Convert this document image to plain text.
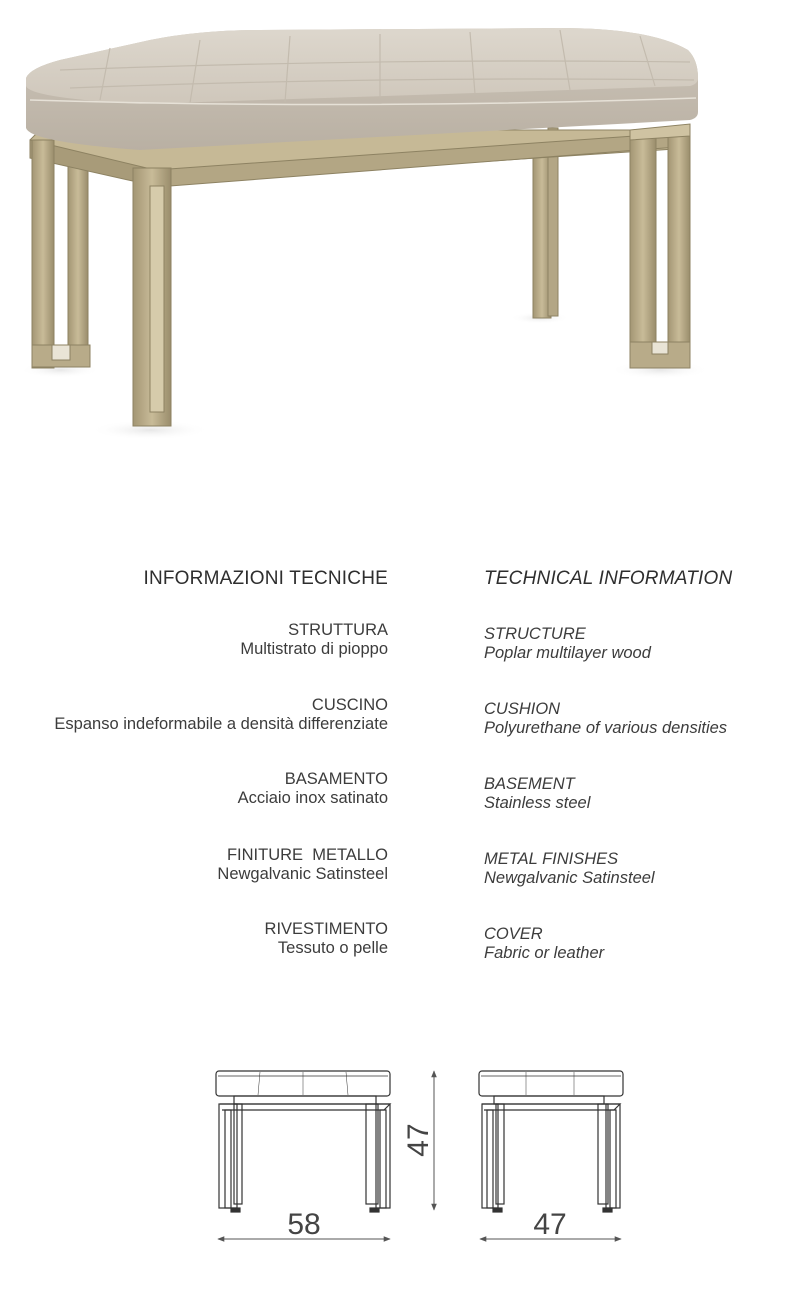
INFORMAZIONI TECNICHE	TECHNICAL INFORMATION
STRUTTURA
Multistrato di pioppo
CUSCINO
Espanso indeformabile a densità differenziate
BASAMENTO
Acciaio inox satinato
FINITURE  METALLO
Newgalvanic Satinsteel
RIVESTIMENTO
Tessuto o pelle
STRUCTURE
Poplar multilayer wood
CUSHION
Polyurethane of various densities
BASEMENT
Stainless steel
METAL FINISHES
Newgalvanic Satinsteel
COVER
Fabric or leather
58	47
47
